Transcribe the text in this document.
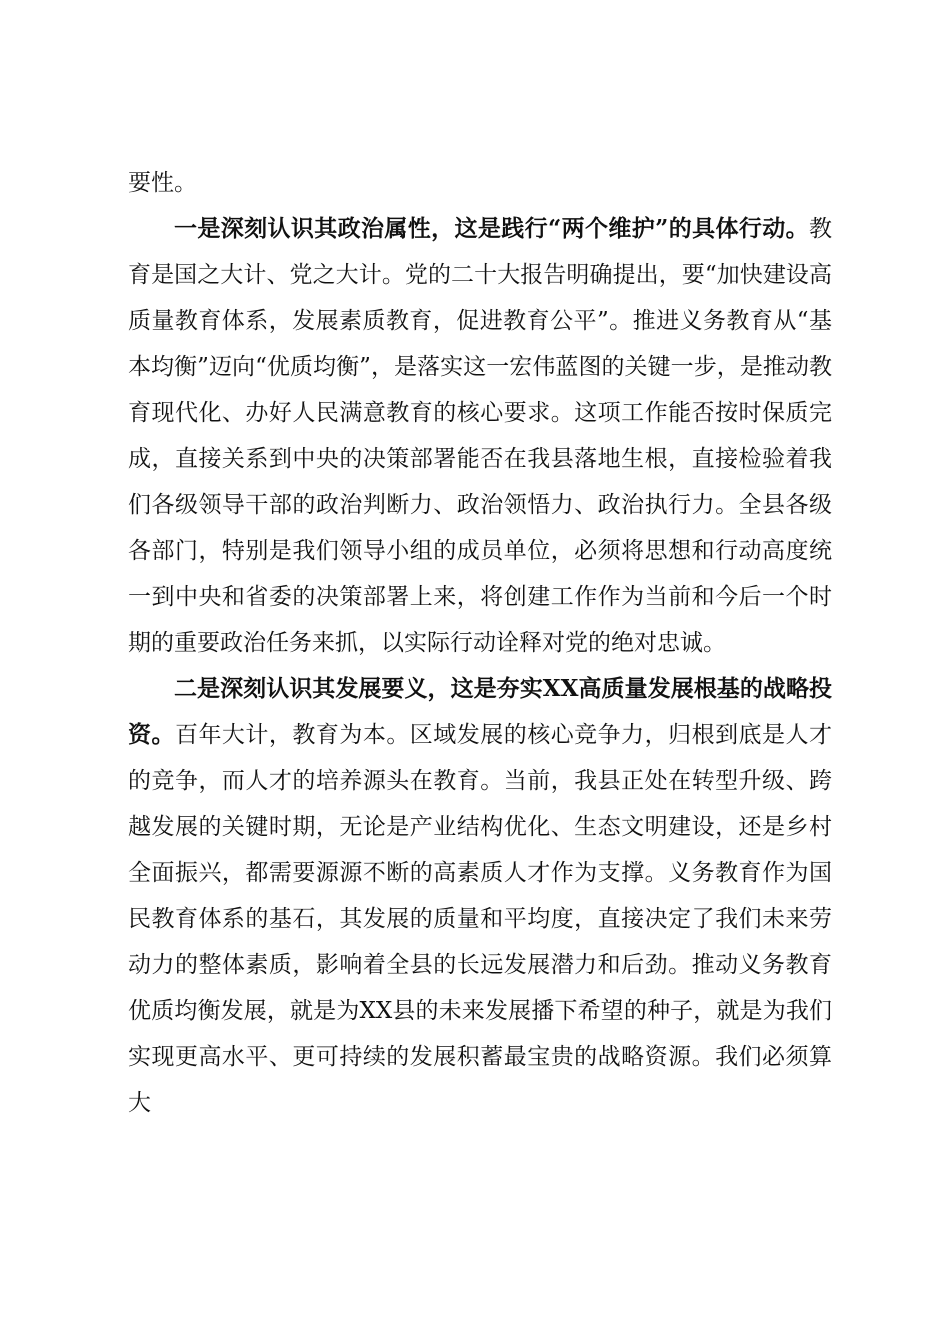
要性。

一是深刻认识其政治属性，这是践行“两个维护”的具体行动。教育是国之大计、党之大计。党的二十大报告明确提出，要“加快建设高质量教育体系，发展素质教育，促进教育公平”。推进义务教育从“基本均衡”迈向“优质均衡”，是落实这一宏伟蓝图的关键一步，是推动教育现代化、办好人民满意教育的核心要求。这项工作能否按时保质完成，直接关系到中央的决策部署能否在我县落地生根，直接检验着我们各级领导干部的政治判断力、政治领悟力、政治执行力。全县各级各部门，特别是我们领导小组的成员单位，必须将思想和行动高度统一到中央和省委的决策部署上来，将创建工作作为当前和今后一个时期的重要政治任务来抓，以实际行动诠释对党的绝对忠诚。

二是深刻认识其发展要义，这是夯实XX高质量发展根基的战略投资。百年大计，教育为本。区域发展的核心竞争力，归根到底是人才的竞争，而人才的培养源头在教育。当前，我县正处在转型升级、跨越发展的关键时期，无论是产业结构优化、生态文明建设，还是乡村全面振兴，都需要源源不断的高素质人才作为支撑。义务教育作为国民教育体系的基石，其发展的质量和平均度，直接决定了我们未来劳动力的整体素质，影响着全县的长远发展潜力和后劲。推动义务教育优质均衡发展，就是为XX县的未来发展播下希望的种子，就是为我们实现更高水平、更可持续的发展积蓄最宝贵的战略资源。我们必须算大
